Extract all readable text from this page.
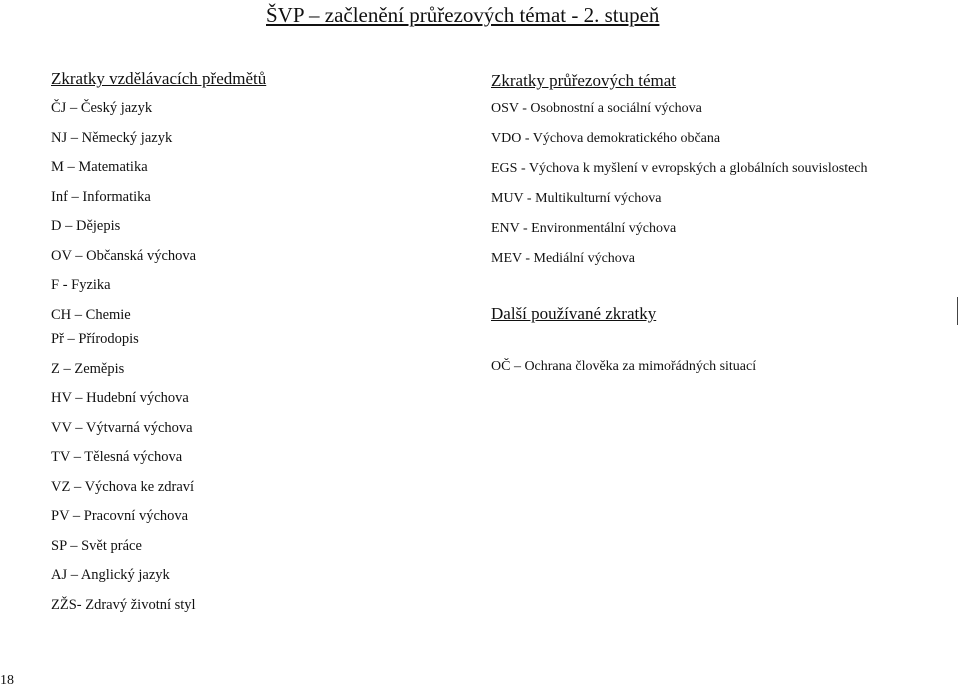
ŠVP – začlenění průřezových témat - 2. stupeň
Zkratky vzdělávacích předmětů
ČJ – Český jazyk
NJ – Německý jazyk
M – Matematika
Inf – Informatika
D – Dějepis
OV – Občanská výchova
F - Fyzika
CH – Chemie
Př – Přírodopis
Z – Zeměpis
HV – Hudební výchova
VV – Výtvarná výchova
TV – Tělesná výchova
VZ – Výchova ke zdraví
PV – Pracovní výchova
SP – Svět práce
AJ – Anglický jazyk
ZŽS- Zdravý životní styl
Zkratky průřezových témat
OSV - Osobnostní a sociální výchova
VDO - Výchova demokratického občana
EGS - Výchova k myšlení v evropských a globálních souvislostech
MUV - Multikulturní výchova
ENV - Environmentální výchova
MEV - Mediální výchova
Další používané zkratky
OČ – Ochrana člověka za mimořádných situací
18
